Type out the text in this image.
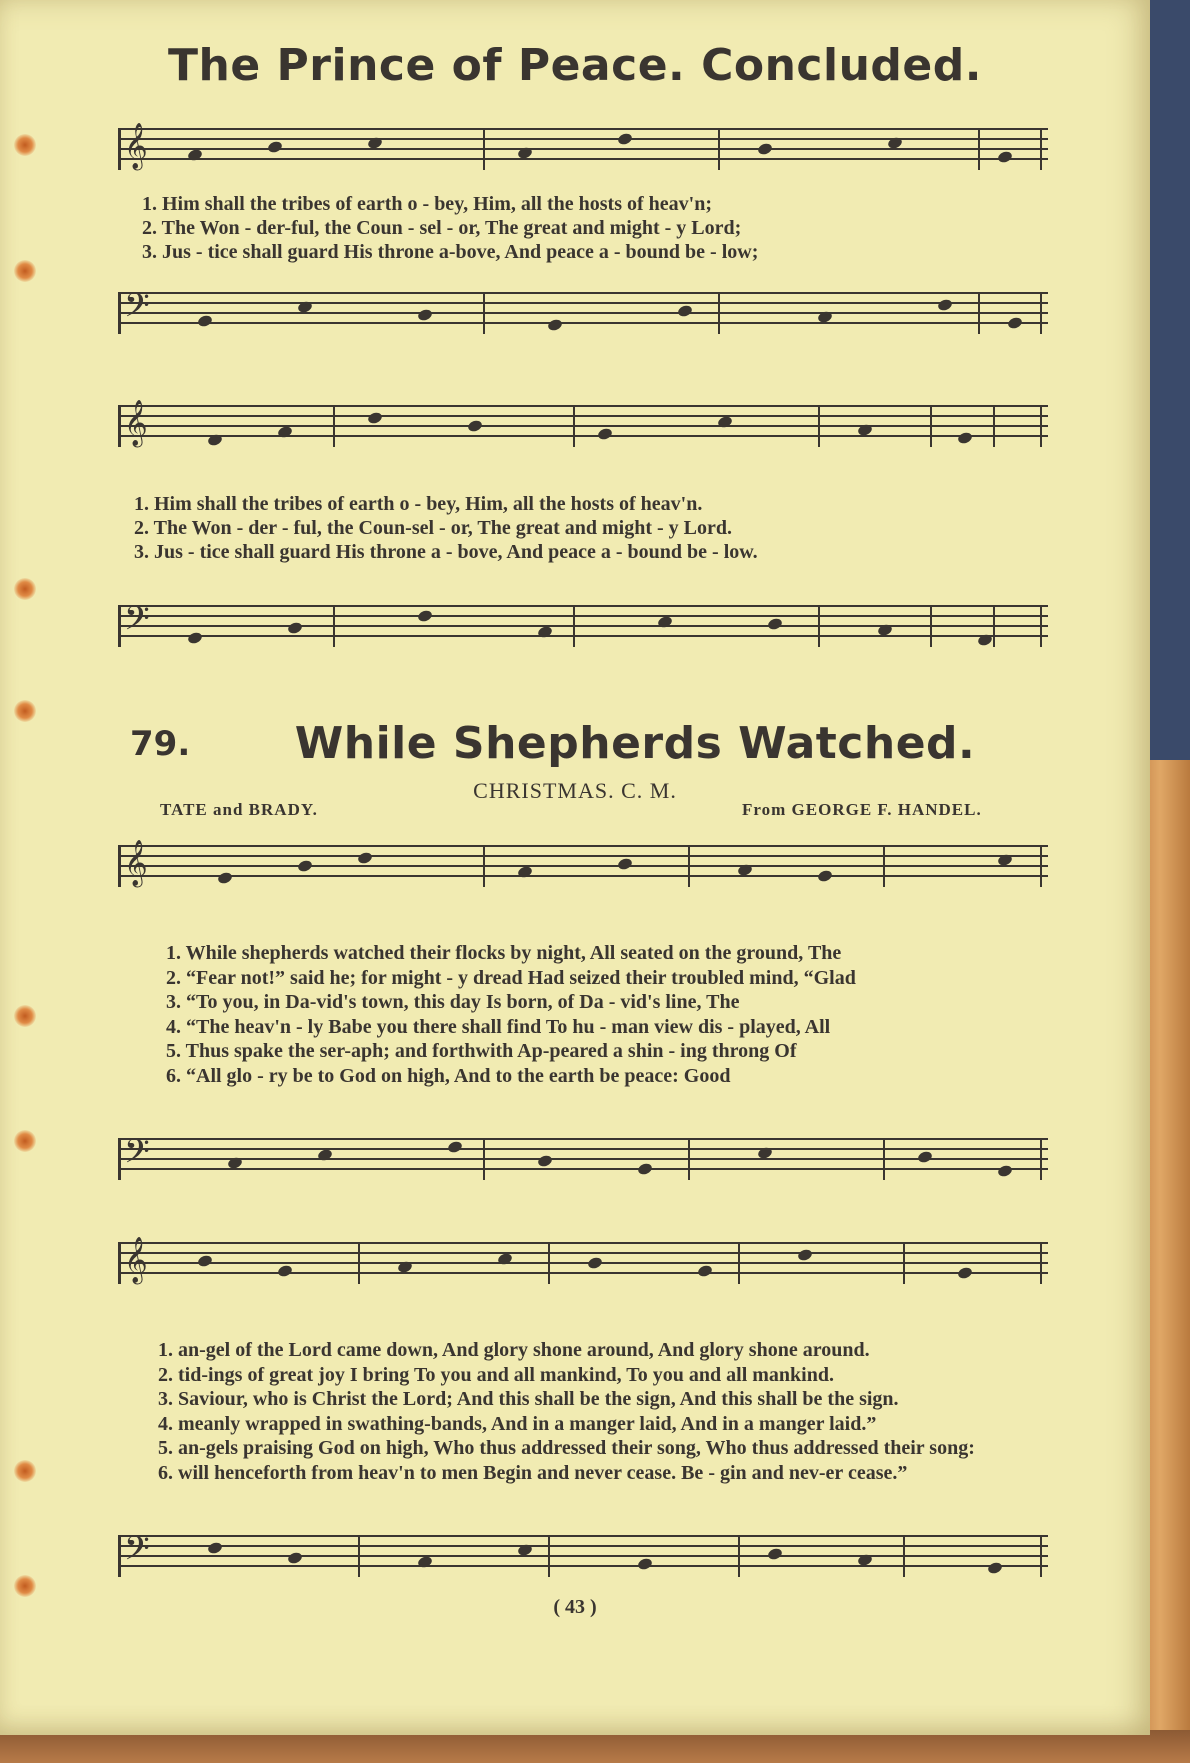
The Prince of Peace. Concluded.
𝄞
1. Him shall the tribes of earth o - bey, Him, all the hosts of heav'n;
2. The Won - der-ful, the Coun - sel - or, The great and might - y Lord;
3. Jus - tice shall guard His throne a-bove, And peace a - bound be - low;
𝄢
𝄞
1. Him shall the tribes of earth o - bey, Him, all the hosts of heav'n.
2. The Won - der - ful, the Coun-sel - or, The great and might - y Lord.
3. Jus - tice shall guard His throne a - bove, And peace a - bound be - low.
𝄢
79.	While Shepherds Watched.
CHRISTMAS. C. M.
TATE and BRADY.	From GEORGE F. HANDEL.
𝄞
1. While shepherds watched their flocks by night, All seated on the ground, The
2. “Fear not!” said he; for might - y dread Had seized their troubled mind, “Glad
3. “To you, in Da-vid's town, this day Is born, of Da - vid's line, The
4. “The heav'n - ly Babe you there shall find To hu - man view dis - played, All
5. Thus spake the ser-aph; and forthwith Ap-peared a shin - ing throng Of
6. “All glo - ry be to God on high, And to the earth be peace: Good
𝄢
𝄞
1. an-gel of the Lord came down, And glory shone around, And glory shone around.
2. tid-ings of great joy I bring To you and all mankind, To you and all mankind.
3. Saviour, who is Christ the Lord; And this shall be the sign, And this shall be the sign.
4. meanly wrapped in swathing-bands, And in a manger laid, And in a manger laid.”
5. an-gels praising God on high, Who thus addressed their song, Who thus addressed their song:
6. will henceforth from heav'n to men Begin and never cease. Be - gin and nev-er cease.”
𝄢
( 43 )
